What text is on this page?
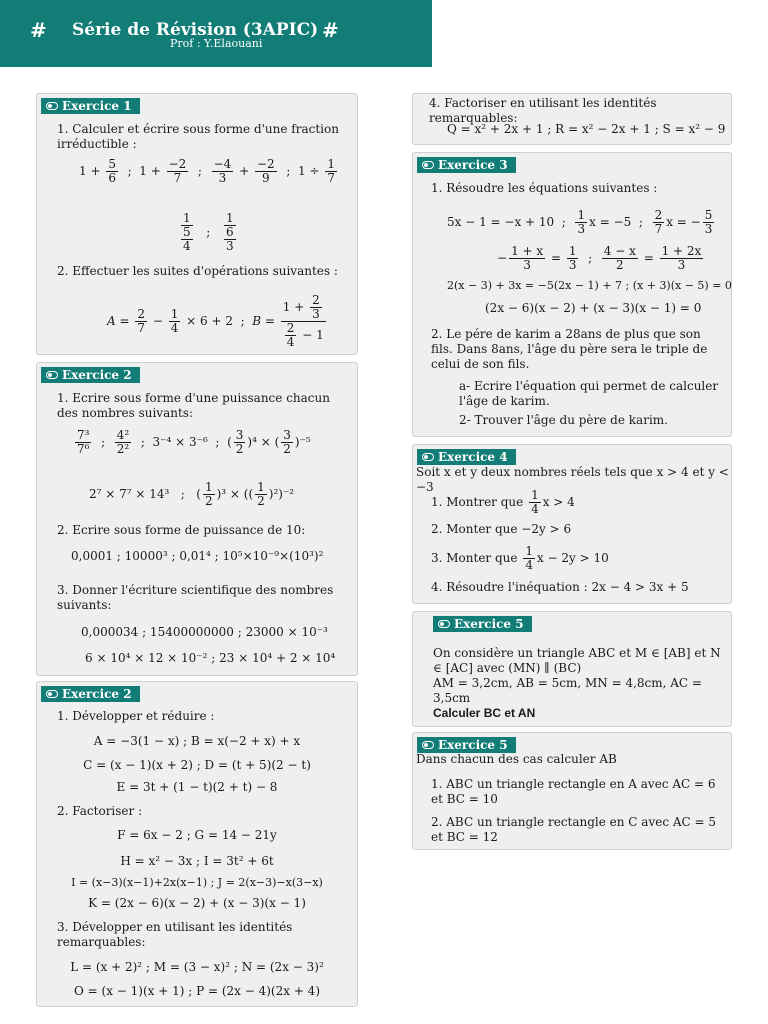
# Série de Révision (3APIC) #
Prof : Y.Elaouani
Exercice 1
1. Calculer et écrire sous forme d'une fraction irréductible :
$1 + \frac{5}{6}$ ;  $1 + \frac{-2}{7}$ ; $\frac{-4}{3} + \frac{-2}{9}$ ;  $1 \div \frac{1}{7}$
$\frac{1}{\frac{5}{4}}$ ; $\frac{1}{\frac{6}{3}}$
2. Effectuer les suites d'opérations suivantes :
$A = \frac{2}{7} - \frac{1}{4} \times 6 + 2$  ;  $B = \frac{1 + \frac{2}{3}}{\frac{2}{4} - 1}$
Exercice 2
1. Ecrire sous forme d'une puissance chacun des nombres suivants:
$\frac{\text{7³}}{\text{7⁶}}$ ; $\frac{\text{4²}}{\text{2²}}$ ;  3⁻⁴ × 3⁻⁶  ;  ( $\frac{3}{2} )^4$ × ( $\frac{3}{2} )^{-5}$
2⁷ × 7⁷ × 14³   ;   ( $\frac{1}{2} )^3$ × (( $\frac{1}{2} )^2)^{-2}$
2. Ecrire sous forme de puissance de 10:
0,0001 ; 10000³ ; 0,01⁴ ; 10⁵×10⁻⁹×(10³)²
3. Donner l'écriture scientifique des nombres suivants:
0,000034 ; 15400000000 ; 23000 × 10⁻³
6 × 10⁴ × 12 × 10⁻² ; 23 × 10⁴ + 2 × 10⁴
Exercice 2
1. Développer et réduire :
A = −3(1 − x) ; B = x(−2 + x) + x
C = (x − 1)(x + 2) ; D = (t + 5)(2 − t)
E = 3t + (1 − t)(2 + t) − 8
2. Factoriser :
F = 6x − 2 ; G = 14 − 21y
H = x² − 3x ; I = 3t² + 6t
I = (x−3)(x−1)+2x(x−1) ; J = 2(x−3)−x(3−x)
K = (2x − 6)(x − 2) + (x − 3)(x − 1)
3. Développer en utilisant les identités remarquables:
L = (x + 2)² ; M = (3 − x)² ; N = (2x − 3)²
O = (x − 1)(x + 1) ; P = (2x − 4)(2x + 4)
4. Factoriser en utilisant les identités remarquables:
Q = x² + 2x + 1 ; R = x² − 2x + 1 ; S = x² − 9
Exercice 3
1. Résoudre les équations suivantes :
5x − 1 = −x + 10  ; $\frac{1}{3}$ x = −5  ; $\frac{2}{7}$ x = − $\frac{5}{3}$
− $\frac{1 + x}{3} = \frac{1}{3}$ ; $\frac{4 - x}{2} = \frac{1 + 2x}{3}$
2(x − 3) + 3x = −5(2x − 1) + 7 ; (x + 3)(x − 5) = 0
(2x − 6)(x − 2) + (x − 3)(x − 1) = 0
2. Le pére de karim a 28ans de plus que son fils. Dans 8ans, l'âge du père sera le triple de celui de son fils.
a- Ecrire l'équation qui permet de calculer l'âge de karim.
2- Trouver l'âge du père de karim.
Exercice 4
Soit x et y deux nombres réels tels que x > 4 et y < −3
1. Montrer que $\frac{1}{4}$ x > 4
2. Monter que −2y > 6
3. Monter que $\frac{1}{4}$ x − 2y > 10
4. Résoudre l'inéquation : 2x − 4 > 3x + 5
Exercice 5
On considère un triangle ABC et M ∈ [AB] et N ∈ [AC] avec (MN) ∥ (BC)
AM = 3,2cm, AB = 5cm, MN = 4,8cm, AC = 3,5cm
Calculer BC et AN
Exercice 5
Dans chacun des cas calculer AB
1. ABC un triangle rectangle en A avec AC = 6 et BC = 10
2. ABC un triangle rectangle en C avec AC = 5 et BC = 12
